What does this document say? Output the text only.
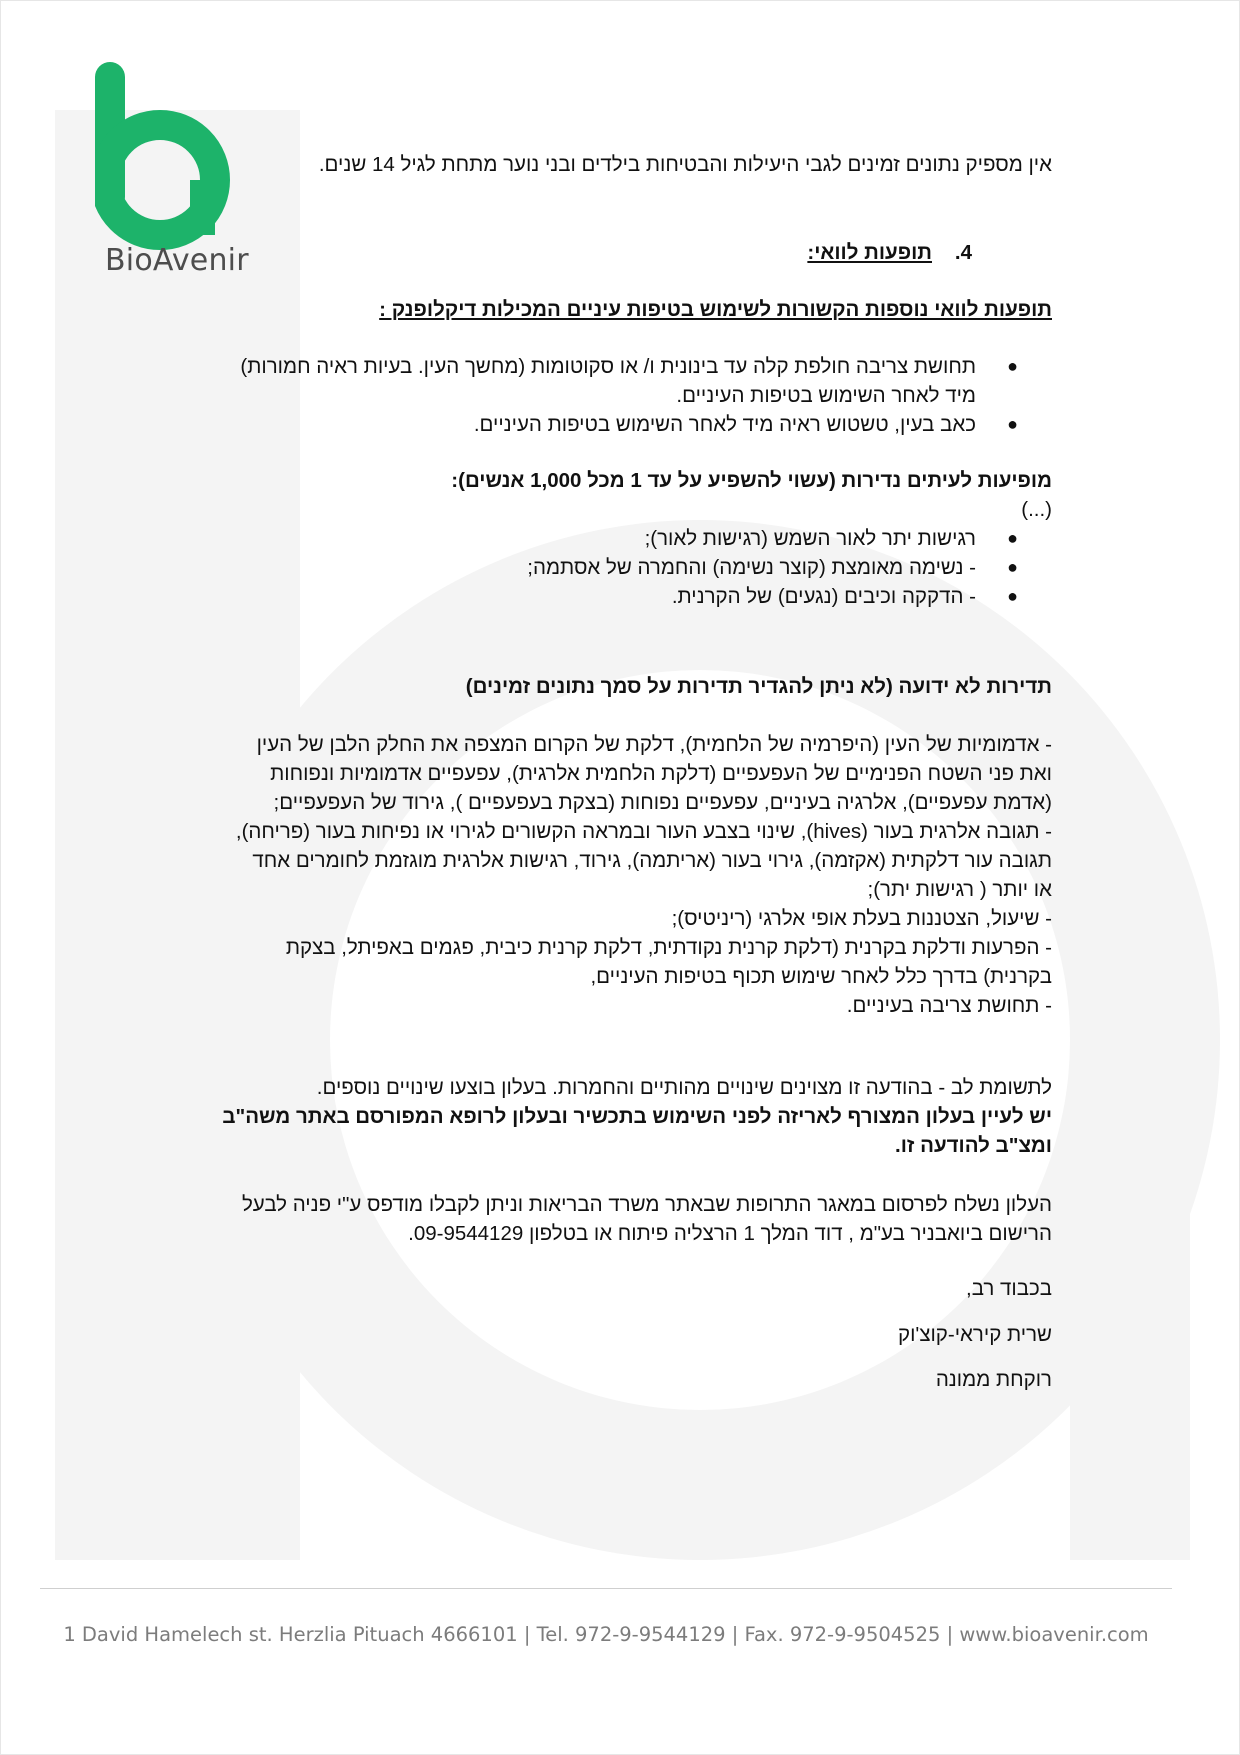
BioAvenir
אין מספיק נתונים זמינים לגבי היעילות והבטיחות בילדים ובני נוער מתחת לגיל 14 שנים.
4.
תופעות לוואי:
תופעות לוואי נוספות הקשורות לשימוש בטיפות עיניים המכילות דיקלופנק :
●
תחושת צריבה חולפת קלה עד בינונית ו/ או סקוטומות (מחשך העין. בעיות ראיה חמורות)
מיד לאחר השימוש בטיפות העיניים.
●
כאב בעין, טשטוש ראיה מיד לאחר השימוש בטיפות העיניים.
מופיעות לעיתים נדירות (עשוי להשפיע על עד 1 מכל 1,000 אנשים):
(...)
●
רגישות יתר לאור השמש (רגישות לאור);
●
- נשימה מאומצת (קוצר נשימה) והחמרה של אסתמה;
●
- הדקקה וכיבים (נגעים) של הקרנית.
תדירות לא ידועה (לא ניתן להגדיר תדירות על סמך נתונים זמינים)
- אדמומיות של העין (היפרמיה של הלחמית), דלקת של הקרום המצפה את החלק הלבן של העין
ואת פני השטח הפנימיים של העפעפיים (דלקת הלחמית אלרגית), עפעפיים אדמומיות ונפוחות
(אדמת עפעפיים), אלרגיה בעיניים, עפעפיים נפוחות (בצקת בעפעפיים ), גירוד של העפעפיים;
- תגובה אלרגית בעור (hives), שינוי בצבע העור ובמראה הקשורים לגירוי או נפיחות בעור (פריחה),
תגובה עור דלקתית (אקזמה), גירוי בעור (אריתמה), גירוד, רגישות אלרגית מוגזמת לחומרים אחד
או יותר ( רגישות יתר);
- שיעול, הצטננות בעלת אופי אלרגי (ריניטיס);
- הפרעות ודלקת בקרנית (דלקת קרנית נקודתית, דלקת קרנית כיבית, פגמים באפיתל, בצקת
בקרנית) בדרך כלל לאחר שימוש תכוף בטיפות העיניים,
- תחושת צריבה בעיניים.
לתשומת לב - בהודעה זו מצוינים שינויים מהותיים והחמרות. בעלון בוצעו שינויים נוספים.
יש לעיין בעלון המצורף לאריזה לפני השימוש בתכשיר ובעלון לרופא המפורסם באתר משה"ב
ומצ"ב להודעה זו.
העלון נשלח לפרסום במאגר התרופות שבאתר משרד הבריאות וניתן לקבלו מודפס ע"י פניה לבעל
הרישום ביואבניר בע"מ , דוד המלך 1 הרצליה פיתוח או בטלפון 09-9544129.
בכבוד רב,
שרית קיראי-קוצ'וק
רוקחת ממונה
1 David Hamelech st. Herzlia Pituach 4666101 | Tel. 972-9-9544129 | Fax. 972-9-9504525 | www.bioavenir.com
